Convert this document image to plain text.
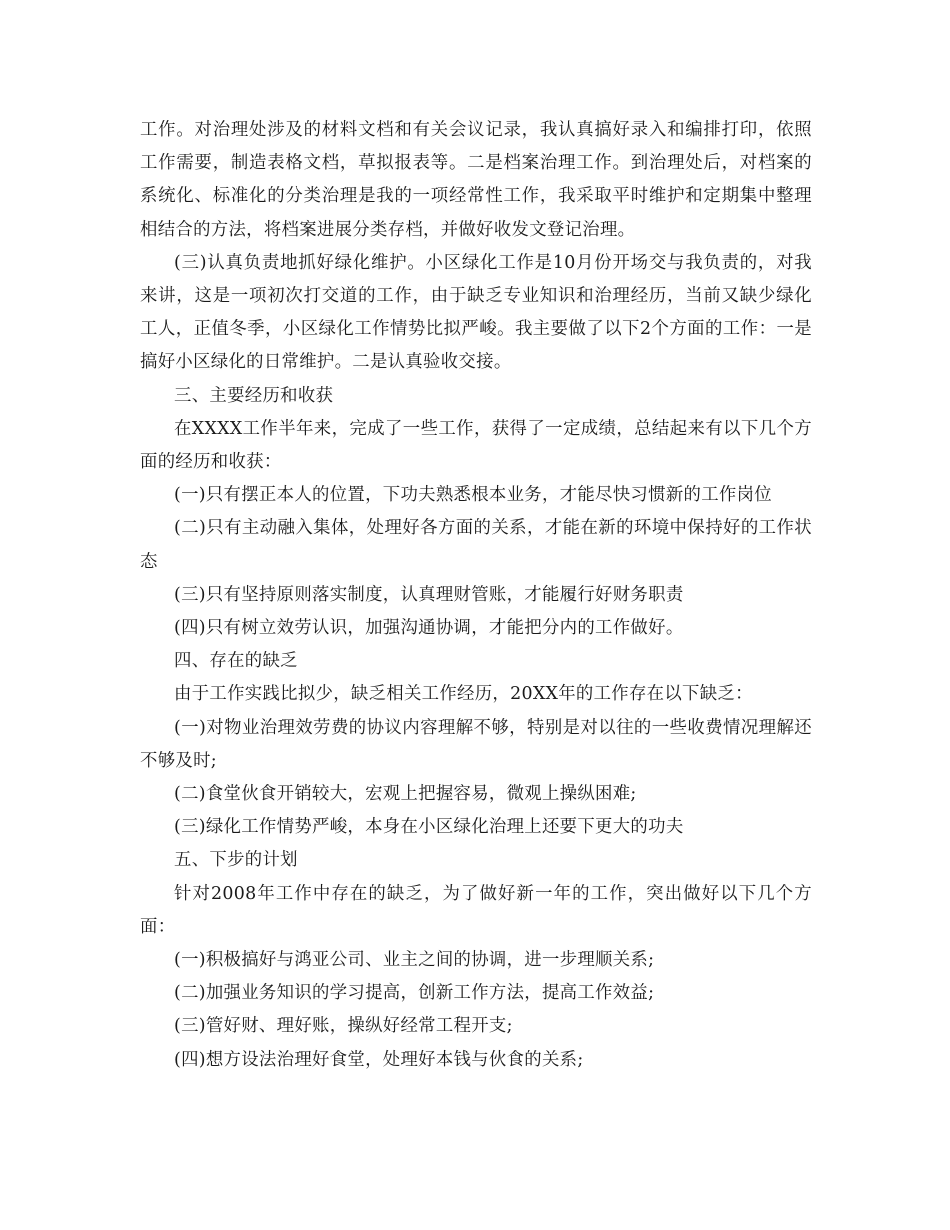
工作。对治理处涉及的材料文档和有关会议记录，我认真搞好录入和编排打印，依照工作需要，制造表格文档，草拟报表等。二是档案治理工作。到治理处后，对档案的系统化、标准化的分类治理是我的一项经常性工作，我采取平时维护和定期集中整理相结合的方法，将档案进展分类存档，并做好收发文登记治理。

(三)认真负责地抓好绿化维护。小区绿化工作是10月份开场交与我负责的，对我来讲，这是一项初次打交道的工作，由于缺乏专业知识和治理经历，当前又缺少绿化工人，正值冬季，小区绿化工作情势比拟严峻。我主要做了以下2个方面的工作：一是搞好小区绿化的日常维护。二是认真验收交接。

三、主要经历和收获

在XXXX工作半年来，完成了一些工作，获得了一定成绩，总结起来有以下几个方面的经历和收获：

(一)只有摆正本人的位置，下功夫熟悉根本业务，才能尽快习惯新的工作岗位

(二)只有主动融入集体，处理好各方面的关系，才能在新的环境中保持好的工作状态

(三)只有坚持原则落实制度，认真理财管账，才能履行好财务职责

(四)只有树立效劳认识，加强沟通协调，才能把分内的工作做好。

四、存在的缺乏

由于工作实践比拟少，缺乏相关工作经历，20XX年的工作存在以下缺乏：

(一)对物业治理效劳费的协议内容理解不够，特别是对以往的一些收费情况理解还不够及时;

(二)食堂伙食开销较大，宏观上把握容易，微观上操纵困难;

(三)绿化工作情势严峻，本身在小区绿化治理上还要下更大的功夫

五、下步的计划

针对2008年工作中存在的缺乏，为了做好新一年的工作，突出做好以下几个方面：

(一)积极搞好与鸿亚公司、业主之间的协调，进一步理顺关系;

(二)加强业务知识的学习提高，创新工作方法，提高工作效益;

(三)管好财、理好账，操纵好经常工程开支;

(四)想方设法治理好食堂，处理好本钱与伙食的关系;
